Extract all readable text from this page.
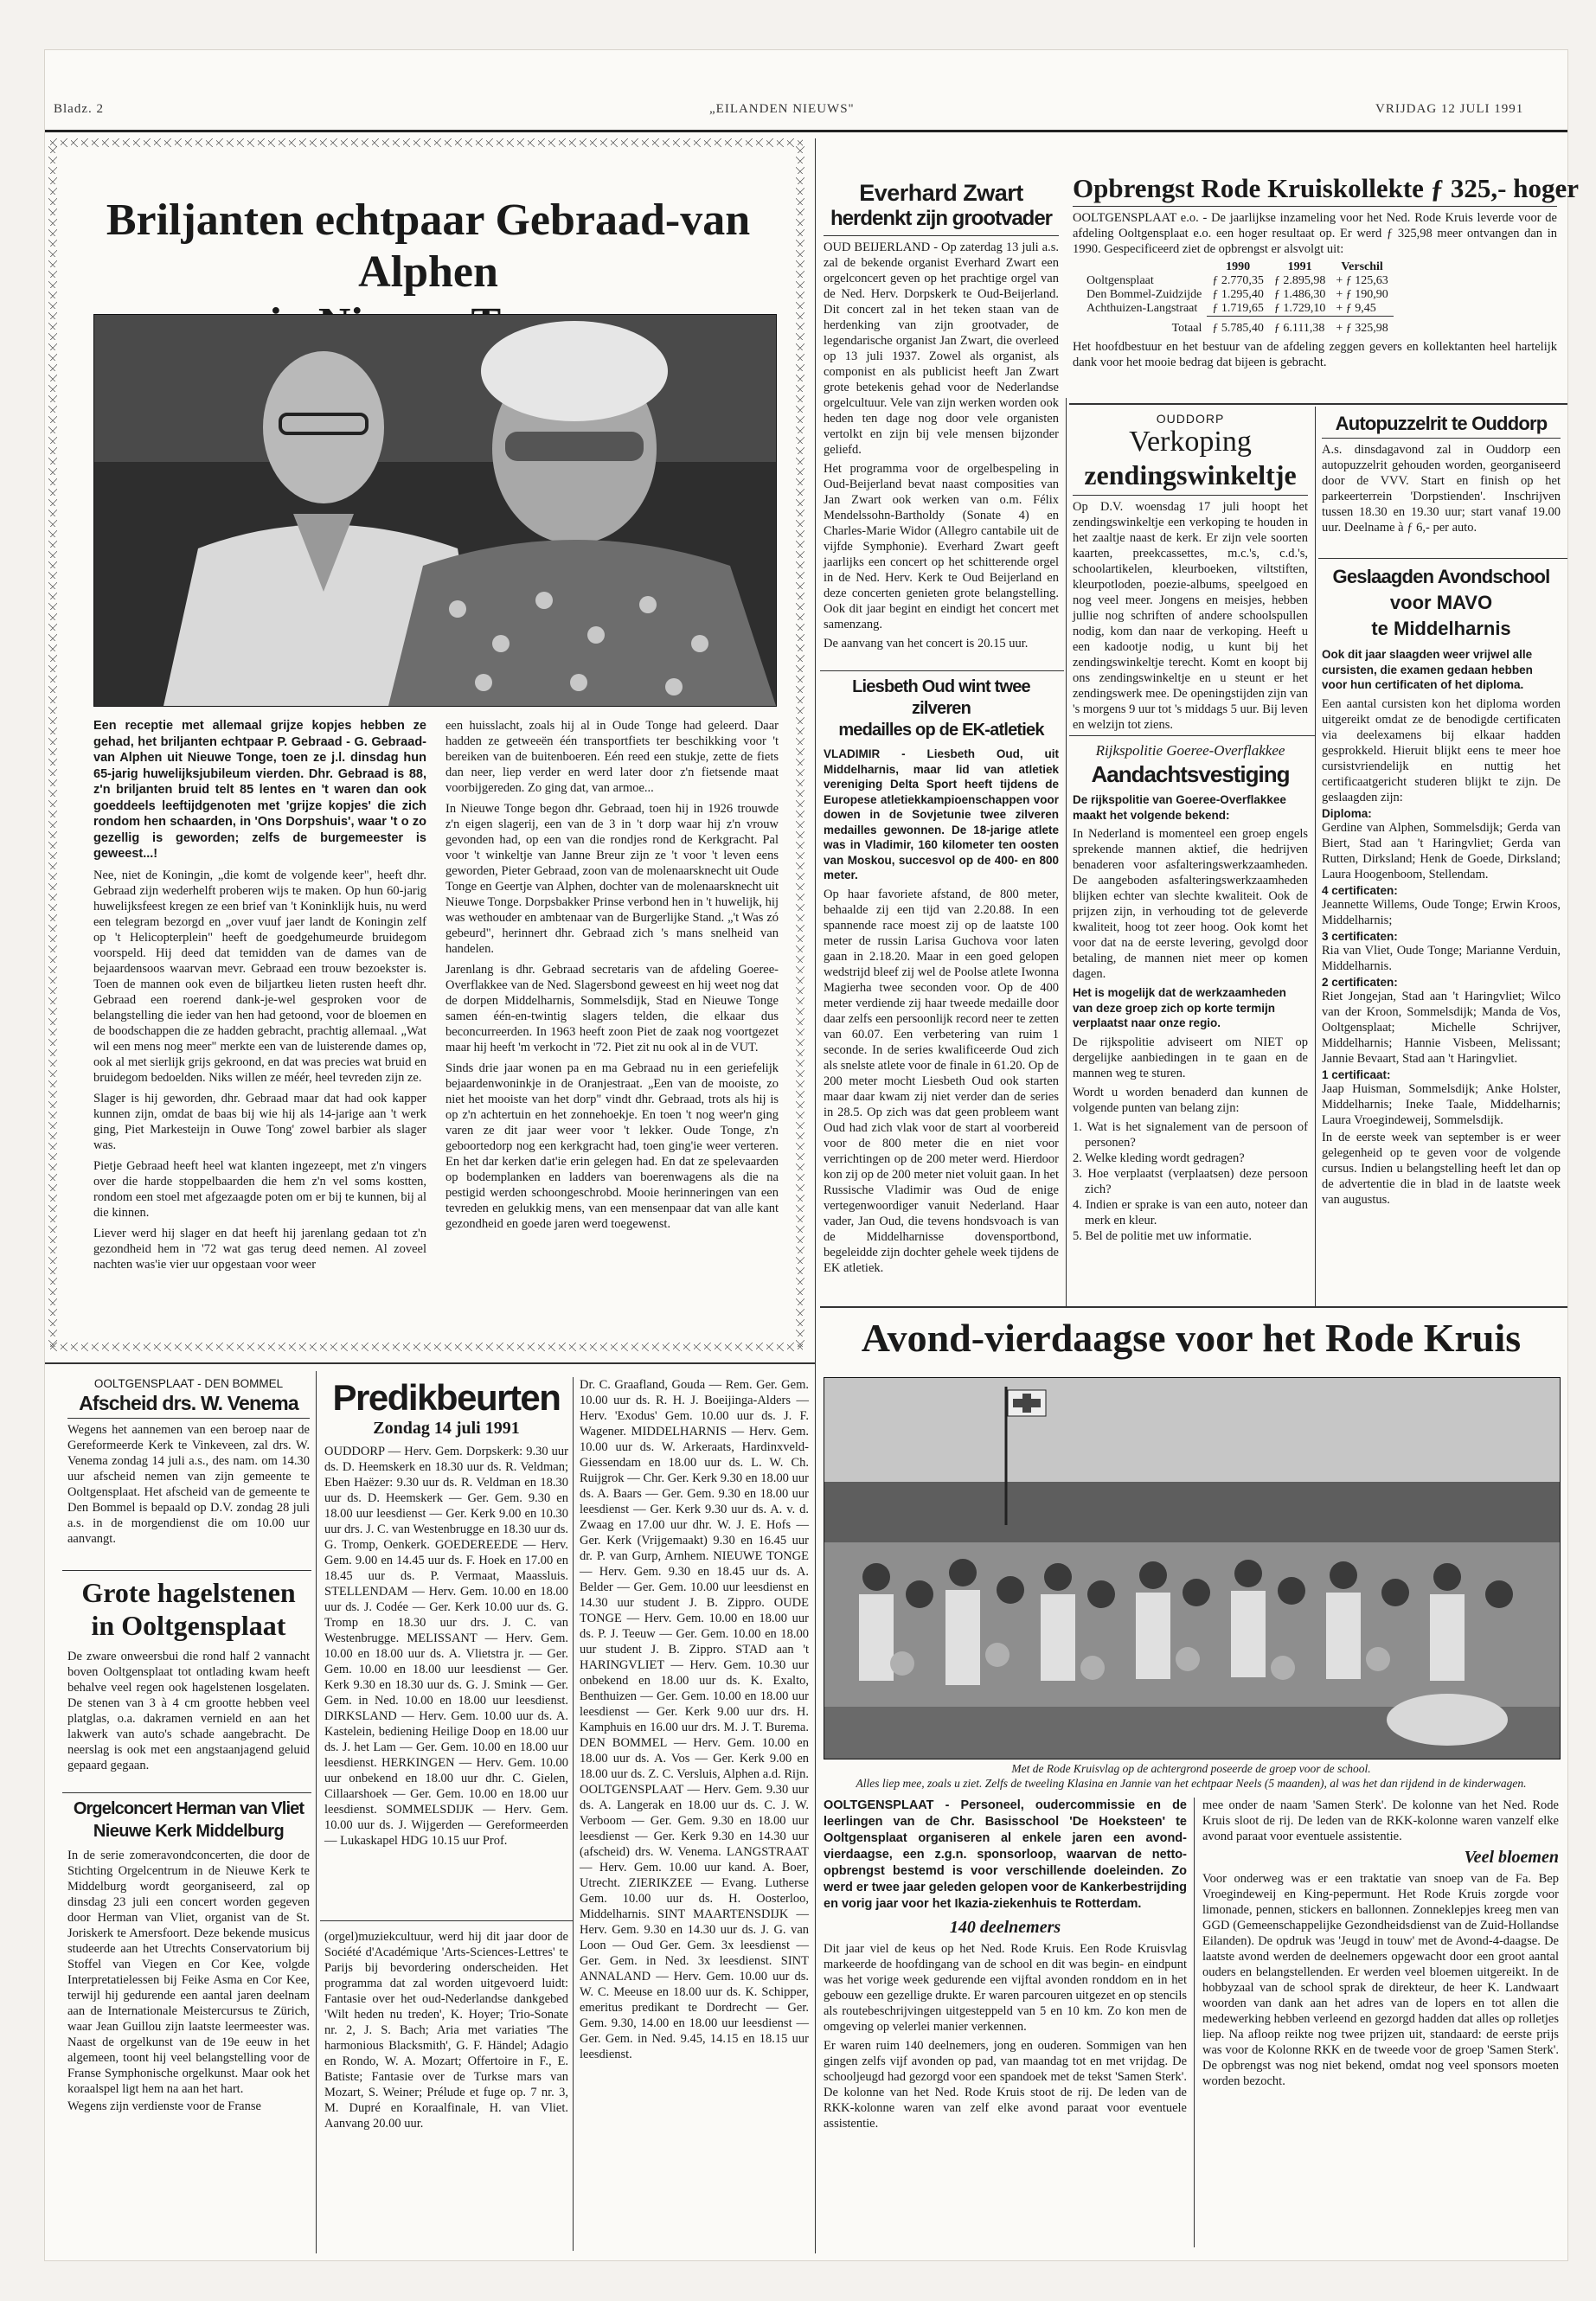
Bladz. 2	„EILANDEN NIEUWS"	VRIJDAG 12 JULI 1991
Briljanten echtpaar Gebraad-van Alphen

Een receptie met allemaal grijze kopjes hebben ze gehad, het briljanten echtpaar P. Gebraad - G. Gebraad-van Alphen uit Nieuwe Tonge, toen ze j.l. dinsdag hun 65-jarig huwelijksjubileum vierden. Dhr. Gebraad is 88, z'n briljanten bruid telt 85 lentes en 't waren dan ook goeddeels leeftijdgenoten met 'grijze kopjes' die zich rondom hen schaarden, in 'Ons Dorpshuis', waar 't o zo gezellig is geworden; zelfs de burgemeester is geweest...!

Nee, niet de Koningin, „die komt de volgende keer", heeft dhr. Gebraad zijn wederhelft proberen wijs te maken. Op hun 60-jarig huwelijksfeest kregen ze een brief van 't Koninklijk huis, nu werd een telegram bezorgd en „over vuuf jaer landt de Koningin zelf op 't Helicopterplein" heeft de goedgehumeurde bruidegom voorspeld. Hij deed dat temidden van de dames van de bejaardensoos waarvan mevr. Gebraad een trouw bezoekster is. Toen de mannen ook even de biljartkeu lieten rusten heeft dhr. Gebraad een roerend dank-je-wel gesproken voor de belangstelling die ieder van hen had getoond, voor de bloemen en de boodschappen die ze hadden gebracht, prachtig allemaal. „Wat wil een mens nog meer" merkte een van de luisterende dames op, ook al met sierlijk grijs gekroond, en dat was precies wat bruid en bruidegom bedoelden. Niks willen ze méér, heel tevreden zijn ze.

Slager is hij geworden, dhr. Gebraad maar dat had ook kapper kunnen zijn, omdat de baas bij wie hij als 14-jarige aan 't werk ging, Piet Markesteijn in Ouwe Tong' zowel barbier als slager was.

Pietje Gebraad heeft heel wat klanten ingezeept, met z'n vingers over die harde stoppelbaarden die hem z'n vel soms kostten, rondom een stoel met afgezaagde poten om er bij te kunnen, bij al die kinnen.

Liever werd hij slager en dat heeft hij jarenlang gedaan tot z'n gezondheid hem in '72 wat gas terug deed nemen. Al zoveel nachten was'ie vier uur opgestaan voor weer

een huisslacht, zoals hij al in Oude Tonge had geleerd. Daar hadden ze getweeën één transportfiets ter beschikking voor 't bereiken van de buitenboeren. Eén reed een stukje, zette de fiets dan neer, liep verder en werd later door z'n fietsende maat voorbijgereden. Zo ging dat, van armoe...

In Nieuwe Tonge begon dhr. Gebraad, toen hij in 1926 trouwde z'n eigen slagerij, een van de 3 in 't dorp waar hij z'n vrouw gevonden had, op een van die rondjes rond de Kerkgracht. Pal voor 't winkeltje van Janne Breur zijn ze 't voor 't leven eens geworden, Pieter Gebraad, zoon van de molenaarsknecht uit Oude Tonge en Geertje van Alphen, dochter van de molenaarsknecht uit Nieuwe Tonge. Dorpsbakker Prinse verbond hen in 't huwelijk, hij was wethouder en ambtenaar van de Burgerlijke Stand. „'t Was zó gebeurd", herinnert dhr. Gebraad zich 's mans snelheid van handelen.

Jarenlang is dhr. Gebraad secretaris van de afdeling Goeree-Overflakkee van de Ned. Slagersbond geweest en hij weet nog dat de dorpen Middelharnis, Sommelsdijk, Stad en Nieuwe Tonge samen één-en-twintig slagers telden, die elkaar dus beconcurreerden. In 1963 heeft zoon Piet de zaak nog voortgezet maar hij heeft 'm verkocht in '72. Piet zit nu ook al in de VUT.

Sinds drie jaar wonen pa en ma Gebraad nu in een geriefelijk bejaardenwoninkje in de Oranjestraat. „Een van de mooiste, zo niet het mooiste van het dorp" vindt dhr. Gebraad, trots als hij is op z'n achtertuin en het zonnehoekje. En toen 't nog weer'n ging varen ze dit jaar weer voor 't lekker. Oude Tonge, z'n geboortedorp nog een kerkgracht had, toen ging'ie weer verteren. En het dar kerken dat'ie erin gelegen had. En dat ze spelevaarden op bodemplanken en ladders van boerenwagens als die na pestigid werden schoongeschrobd. Mooie herinneringen van een tevreden en gelukkig mens, van een mensenpaar dat van alle kant gezondheid en goede jaren werd toegewenst.

Everhard Zwart
herdenkt zijn grootvader

OUD BEIJERLAND - Op zaterdag 13 juli a.s. zal de bekende organist Everhard Zwart een orgelconcert geven op het prachtige orgel van de Ned. Herv. Dorpskerk te Oud-Beijerland. Dit concert zal in het teken staan van de herdenking van zijn grootvader, de legendarische organist Jan Zwart, die overleed op 13 juli 1937. Zowel als organist, als componist en als publicist heeft Jan Zwart grote betekenis gehad voor de Nederlandse orgelcultuur. Vele van zijn werken worden ook heden ten dage nog door vele organisten vertolkt en zijn bij vele mensen bijzonder geliefd.

Het programma voor de orgelbespeling in Oud-Beijerland bevat naast composities van Jan Zwart ook werken van o.m. Félix Mendelssohn-Bartholdy (Sonate 4) en Charles-Marie Widor (Allegro cantabile uit de vijfde Symphonie). Everhard Zwart geeft jaarlijks een concert op het schitterende orgel in de Ned. Herv. Kerk te Oud Beijerland en deze concerten genieten grote belangstelling. Ook dit jaar begint en eindigt het concert met samenzang.

De aanvang van het concert is 20.15 uur.

Liesbeth Oud wint twee zilveren
medailles op de EK-atletiek

VLADIMIR - Liesbeth Oud, uit Middelharnis, maar lid van atletiek vereniging Delta Sport heeft tijdens de Europese atletiekkampioenschappen voor dowen in de Sovjetunie twee zilveren medailles gewonnen. De 18-jarige atlete was in Vladimir, 160 kilometer ten oosten van Moskou, succesvol op de 400- en 800 meter.

Op haar favoriete afstand, de 800 meter, behaalde zij een tijd van 2.20.88. In een spannende race moest zij op de laatste 100 meter de russin Larisa Guchova voor laten gaan in 2.18.20. Maar in een goed gelopen wedstrijd bleef zij wel de Poolse atlete Iwonna Magierha twee seconden voor. Op de 400 meter verdiende zij haar tweede medaille door daar zelfs een persoonlijk record neer te zetten van 60.07. Een verbetering van ruim 1 seconde. In de series kwalificeerde Oud zich als snelste atlete voor de finale in 61.20. Op de 200 meter mocht Liesbeth Oud ook starten maar daar kwam zij niet verder dan de series in 28.5. Op zich was dat geen probleem want Oud had zich vlak voor de start al voorbereid voor de 800 meter die en niet voor verrichtingen op de 200 meter werd. Hierdoor kon zij op de 200 meter niet voluit gaan. In het Russische Vladimir was Oud de enige vertegenwoordiger vanuit Nederland. Haar vader, Jan Oud, die tevens hondsvoach is van de Middelharnisse dovensportbond, begeleidde zijn dochter gehele week tijdens de EK atletiek.

Opbrengst Rode Kruiskollekte ƒ 325,- hoger

OOLTGENSPLAAT e.o. - De jaarlijkse inzameling voor het Ned. Rode Kruis leverde voor de afdeling Ooltgensplaat e.o. een hoger resultaat op. Er werd ƒ 325,98 meer ontvangen dan in 1990. Gespecificeerd ziet de opbrengst er alsvolgt uit:

	1990	1991	Verschil
Ooltgensplaat	ƒ 2.770,35	ƒ 2.895,98	+ ƒ 125,63
Den Bommel-Zuidzijde	ƒ 1.295,40	ƒ 1.486,30	+ ƒ 190,90
Achthuizen-Langstraat	ƒ 1.719,65	ƒ 1.729,10	+ ƒ 9,45
Totaal	ƒ 5.785,40	ƒ 6.111,38	+ ƒ 325,98

Het hoofdbestuur en het bestuur van de afdeling zeggen gevers en kollektanten heel hartelijk dank voor het mooie bedrag dat bijeen is gebracht.

OUDDORP
Verkoping
zendingswinkeltje

Op D.V. woensdag 17 juli hoopt het zendingswinkeltje een verkoping te houden in het zaaltje naast de kerk. Er zijn vele soorten kaarten, preekcassettes, m.c.'s, c.d.'s, schoolartikelen, kleurboeken, viltstiften, kleurpotloden, poezie-albums, speelgoed en nog veel meer. Jongens en meisjes, hebben jullie nog schriften of andere schoolspullen nodig, kom dan naar de verkoping. Heeft u een kadootje nodig, u kunt bij het zendingswinkeltje terecht. Komt en koopt bij ons zendingswinkeltje en u steunt er het zendingswerk mee. De openingstijden zijn van 's morgens 9 uur tot 's middags 5 uur. Bij leven en welzijn tot ziens.

Autopuzzelrit te Ouddorp

A.s. dinsdagavond zal in Ouddorp een autopuzzelrit gehouden worden, georganiseerd door de VVV. Start en finish op het parkeerterrein 'Dorpstienden'. Inschrijven tussen 18.30 en 19.30 uur; start vanaf 19.00 uur. Deelname à ƒ 6,- per auto.

Geslaagden Avondschool
voor MAVO
te Middelharnis

Ook dit jaar slaagden weer vrijwel alle cursisten, die examen gedaan hebben voor hun certificaten of het diploma.

Een aantal cursisten kon het diploma worden uitgereikt omdat ze de benodigde certificaten via deelexamens bij elkaar hadden gesprokkeld. Hieruit blijkt eens te meer hoe cursistvriendelijk en nuttig het certificaatgericht studeren blijkt te zijn. De geslaagden zijn:

Diploma:

Gerdine van Alphen, Sommelsdijk; Gerda van Biert, Stad aan 't Haringvliet; Gerda van Rutten, Dirksland; Henk de Goede, Dirksland; Laura Hoogenboom, Stellendam.

4 certificaten:

Jeannette Willems, Oude Tonge; Erwin Kroos, Middelharnis;

3 certificaten:

Ria van Vliet, Oude Tonge; Marianne Verduin, Middelharnis.

2 certificaten:

Riet Jongejan, Stad aan 't Haringvliet; Wilco van der Kroon, Sommelsdijk; Manda de Vos, Ooltgensplaat; Michelle Schrijver, Middelharnis; Hannie Visbeen, Melissant; Jannie Bevaart, Stad aan 't Haringvliet.

1 certificaat:

Jaap Huisman, Sommelsdijk; Anke Holster, Middelharnis; Ineke Taale, Middelharnis; Laura Vroegindeweij, Sommelsdijk.

In de eerste week van september is er weer gelegenheid op te geven voor de volgende cursus. Indien u belangstelling heeft let dan op de advertentie die in blad in de laatste week van augustus.

Rijkspolitie Goeree-Overflakkee
Aandachtsvestiging

De rijkspolitie van Goeree-Overflakkee maakt het volgende bekend:

In Nederland is momenteel een groep engels sprekende mannen aktief, die hedrijven benaderen voor asfalteringswerkzaamheden. De aangeboden asfalteringswerkzaamheden blijken echter van slechte kwaliteit. Ook de prijzen zijn, in verhouding tot de geleverde kwaliteit, hoog tot zeer hoog. Ook komt het voor dat na de eerste levering, gevolgd door betaling, de mannen niet meer op komen dagen.

Het is mogelijk dat de werkzaamheden van deze groep zich op korte termijn verplaatst naar onze regio.

De rijkspolitie adviseert om NIET op dergelijke aanbiedingen in te gaan en de mannen weg te sturen.

Wordt u worden benaderd dan kunnen de volgende punten van belang zijn:

1. Wat is het signalement van de persoon of personen?
2. Welke kleding wordt gedragen?
3. Hoe verplaatst (verplaatsen) deze persoon zich?
4. Indien er sprake is van een auto, noteer dan merk en kleur.
5. Bel de politie met uw informatie.
OOLTGENSPLAAT - DEN BOMMEL
Afscheid drs. W. Venema

Wegens het aannemen van een beroep naar de Gereformeerde Kerk te Vinkeveen, zal drs. W. Venema zondag 14 juli a.s., des nam. om 14.30 uur afscheid nemen van zijn gemeente te Ooltgensplaat. Het afscheid van de gemeente te Den Bommel is bepaald op D.V. zondag 28 juli a.s. in de morgendienst die om 10.00 uur aanvangt.

Grote hagelstenen
in Ooltgensplaat

De zware onweersbui die rond half 2 vannacht boven Ooltgensplaat tot ontlading kwam heeft behalve veel regen ook hagelstenen losgelaten. De stenen van 3 à 4 cm grootte hebben veel platglas, o.a. dakramen vernield en aan het lakwerk van auto's schade aangebracht. De neerslag is ook met een angstaanjagend geluid gepaard gegaan.

Orgelconcert Herman van Vliet
Nieuwe Kerk Middelburg

In de serie zomeravondconcerten, die door de Stichting Orgelcentrum in de Nieuwe Kerk te Middelburg wordt georganiseerd, zal op dinsdag 23 juli een concert worden gegeven door Herman van Vliet, organist van de St. Joriskerk te Amersfoort. Deze bekende musicus studeerde aan het Utrechts Conservatorium bij Stoffel van Viegen en Cor Kee, volgde Interpretatielessen bij Feike Asma en Cor Kee, terwijl hij gedurende een aantal jaren deelnam aan de Internationale Meistercursus te Zürich, waar Jean Guillou zijn laatste leermeester was. Naast de orgelkunst van de 19e eeuw in het algemeen, toont hij veel belangstelling voor de Franse Symphonische orgelkunst. Maar ook het koraalspel ligt hem na aan het hart.

Wegens zijn verdienste voor de Franse

Predikbeurten
Zondag 14 juli 1991

OUDDORP — Herv. Gem. Dorpskerk: 9.30 uur ds. D. Heemskerk en 18.30 uur ds. R. Veldman; Eben Haëzer: 9.30 uur ds. R. Veldman en 18.30 uur ds. D. Heemskerk — Ger. Gem. 9.30 en 18.00 uur leesdienst — Ger. Kerk 9.00 en 10.30 uur drs. J. C. van Westenbrugge en 18.30 uur ds. G. Tromp, Oenkerk. GOEDEREEDE — Herv. Gem. 9.00 en 14.45 uur ds. F. Hoek en 17.00 en 18.45 uur ds. P. Vermaat, Maassluis. STELLENDAM — Herv. Gem. 10.00 en 18.00 uur ds. J. Codée — Ger. Kerk 10.00 uur ds. G. Tromp en 18.30 uur drs. J. C. van Westenbrugge. MELISSANT — Herv. Gem. 10.00 en 18.00 uur ds. A. Vlietstra jr. — Ger. Gem. 10.00 en 18.00 uur leesdienst — Ger. Kerk 9.30 en 18.30 uur ds. G. J. Smink — Ger. Gem. in Ned. 10.00 en 18.00 uur leesdienst. DIRKSLAND — Herv. Gem. 10.00 uur ds. A. Kastelein, bediening Heilige Doop en 18.00 uur ds. J. het Lam — Ger. Gem. 10.00 en 18.00 uur leesdienst. HERKINGEN — Herv. Gem. 10.00 uur onbekend en 18.00 uur dhr. C. Gielen, Cillaarshoek — Ger. Gem. 10.00 en 18.00 uur leesdienst. SOMMELSDIJK — Herv. Gem. 10.00 uur ds. J. Wijgerden — Gereformeerden — Lukaskapel HDG 10.15 uur Prof.

Dr. C. Graafland, Gouda — Rem. Ger. Gem. 10.00 uur ds. R. H. J. Boeijinga-Alders — Herv. 'Exodus' Gem. 10.00 uur ds. J. F. Wagener. MIDDELHARNIS — Herv. Gem. 10.00 uur ds. W. Arkeraats, Hardinxveld-Giessendam en 18.00 uur ds. L. W. Ch. Ruijgrok — Chr. Ger. Kerk 9.30 en 18.00 uur ds. A. Baars — Ger. Gem. 9.30 en 18.00 uur leesdienst — Ger. Kerk 9.30 uur ds. A. v. d. Zwaag en 17.00 uur dhr. W. J. E. Hofs — Ger. Kerk (Vrijgemaakt) 9.30 en 16.45 uur dr. P. van Gurp, Arnhem. NIEUWE TONGE — Herv. Gem. 9.30 en 18.45 uur ds. A. Belder — Ger. Gem. 10.00 uur leesdienst en 14.30 uur student J. B. Zippro. OUDE TONGE — Herv. Gem. 10.00 en 18.00 uur ds. P. J. Teeuw — Ger. Gem. 10.00 en 18.00 uur student J. B. Zippro. STAD aan 't HARINGVLIET — Herv. Gem. 10.30 uur onbekend en 18.00 uur ds. K. Exalto, Benthuizen — Ger. Gem. 10.00 en 18.00 uur leesdienst — Ger. Kerk 9.00 uur drs. H. Kamphuis en 16.00 uur drs. M. J. T. Burema. DEN BOMMEL — Herv. Gem. 10.00 en 18.00 uur ds. A. Vos — Ger. Kerk 9.00 en 18.00 uur ds. Z. C. Versluis, Alphen a.d. Rijn. OOLTGENSPLAAT — Herv. Gem. 9.30 uur ds. A. Langerak en 18.00 uur ds. C. J. W. Verboom — Ger. Gem. 9.30 en 18.00 uur leesdienst — Ger. Kerk 9.30 en 14.30 uur (afscheid) drs. W. Venema. LANGSTRAAT — Herv. Gem. 10.00 uur kand. A. Boer, Utrecht. ZIERIKZEE — Evang. Lutherse Gem. 10.00 uur ds. H. Oosterloo, Middelharnis. SINT MAARTENSDIJK — Herv. Gem. 9.30 en 14.30 uur ds. J. G. van Loon — Oud Ger. Gem. 3x leesdienst — Ger. Gem. in Ned. 3x leesdienst. SINT ANNALAND — Herv. Gem. 10.00 uur ds. W. C. Meeuse en 18.00 uur ds. K. Schipper, emeritus predikant te Dordrecht — Ger. Gem. 9.30, 14.00 en 18.00 uur leesdienst — Ger. Gem. in Ned. 9.45, 14.15 en 18.15 uur leesdienst.

(orgel)muziekcultuur, werd hij dit jaar door de Société d'Académique 'Arts-Sciences-Lettres' te Parijs bij bevordering onderscheiden. Het programma dat zal worden uitgevoerd luidt: Fantasie over het oud-Nederlandse dankgebed 'Wilt heden nu treden', K. Hoyer; Trio-Sonate nr. 2, J. S. Bach; Aria met variaties 'The harmonious Blacksmith', G. F. Händel; Adagio en Rondo, W. A. Mozart; Offertoire in F., E. Batiste; Fantasie over de Turkse mars van Mozart, S. Weiner; Prélude et fuge op. 7 nr. 3, M. Dupré en Koraalfinale, H. van Vliet. Aanvang 20.00 uur.

Avond-vierdaagse voor het Rode Kruis
Met de Rode Kruisvlag op de achtergrond poseerde de groep voor de school.
Alles liep mee, zoals u ziet. Zelfs de tweeling Klasina en Jannie van het echtpaar Neels (5 maanden), al was het dan rijdend in de kinderwagen.

OOLTGENSPLAAT - Personeel, oudercommissie en de leerlingen van de Chr. Basisschool 'De Hoeksteen' te Ooltgensplaat organiseren al enkele jaren een avond-vierdaagse, een z.g.n. sponsorloop, waarvan de netto-opbrengst bestemd is voor verschillende doeleinden. Zo werd er twee jaar geleden gelopen voor de Kankerbestrijding en vorig jaar voor het Ikazia-ziekenhuis te Rotterdam.

140 deelnemers

Dit jaar viel de keus op het Ned. Rode Kruis. Een Rode Kruisvlag markeerde de hoofdingang van de school en dit was begin- en eindpunt was het vorige week gedurende een vijftal avonden ronddom en in het gebouw een gezellige drukte. Er waren parcouren uitgezet en op stencils als routebeschrijvingen uitgesteppeld van 5 en 10 km. Zo kon men de omgeving op velerlei manier verkennen.

Er waren ruim 140 deelnemers, jong en ouderen. Sommigen van hen gingen zelfs vijf avonden op pad, van maandag tot en met vrijdag. De schooljeugd had gezorgd voor een spandoek met de tekst 'Samen Sterk'. De kolonne van het Ned. Rode Kruis stoot de rij. De leden van de RKK-kolonne waren van zelf elke avond paraat voor eventuele assistentie.

mee onder de naam 'Samen Sterk'. De kolonne van het Ned. Rode Kruis sloot de rij. De leden van de RKK-kolonne waren vanzelf elke avond paraat voor eventuele assistentie.

Veel bloemen

Voor onderweg was er een traktatie van snoep van de Fa. Bep Vroegindeweij en King-pepermunt. Het Rode Kruis zorgde voor limonade, pennen, stickers en ballonnen. Zonneklepjes kreeg men van GGD (Gemeenschappelijke Gezondheidsdienst van de Zuid-Hollandse Eilanden). De opdruk was 'Jeugd in touw' met de Avond-4-daagse. De laatste avond werden de deelnemers opgewacht door een groot aantal ouders en belangstellenden. Er werden veel bloemen uitgereikt. In de hobbyzaal van de school sprak de direkteur, de heer K. Landwaart woorden van dank aan het adres van de lopers en tot allen die medewerking hebben verleend en gezorgd hadden dat alles op rolletjes liep. Na afloop reikte nog twee prijzen uit, standaard: de eerste prijs was voor de Kolonne RKK en de tweede voor de groep 'Samen Sterk'. De opbrengst was nog niet bekend, omdat nog veel sponsors moeten worden bezocht.
